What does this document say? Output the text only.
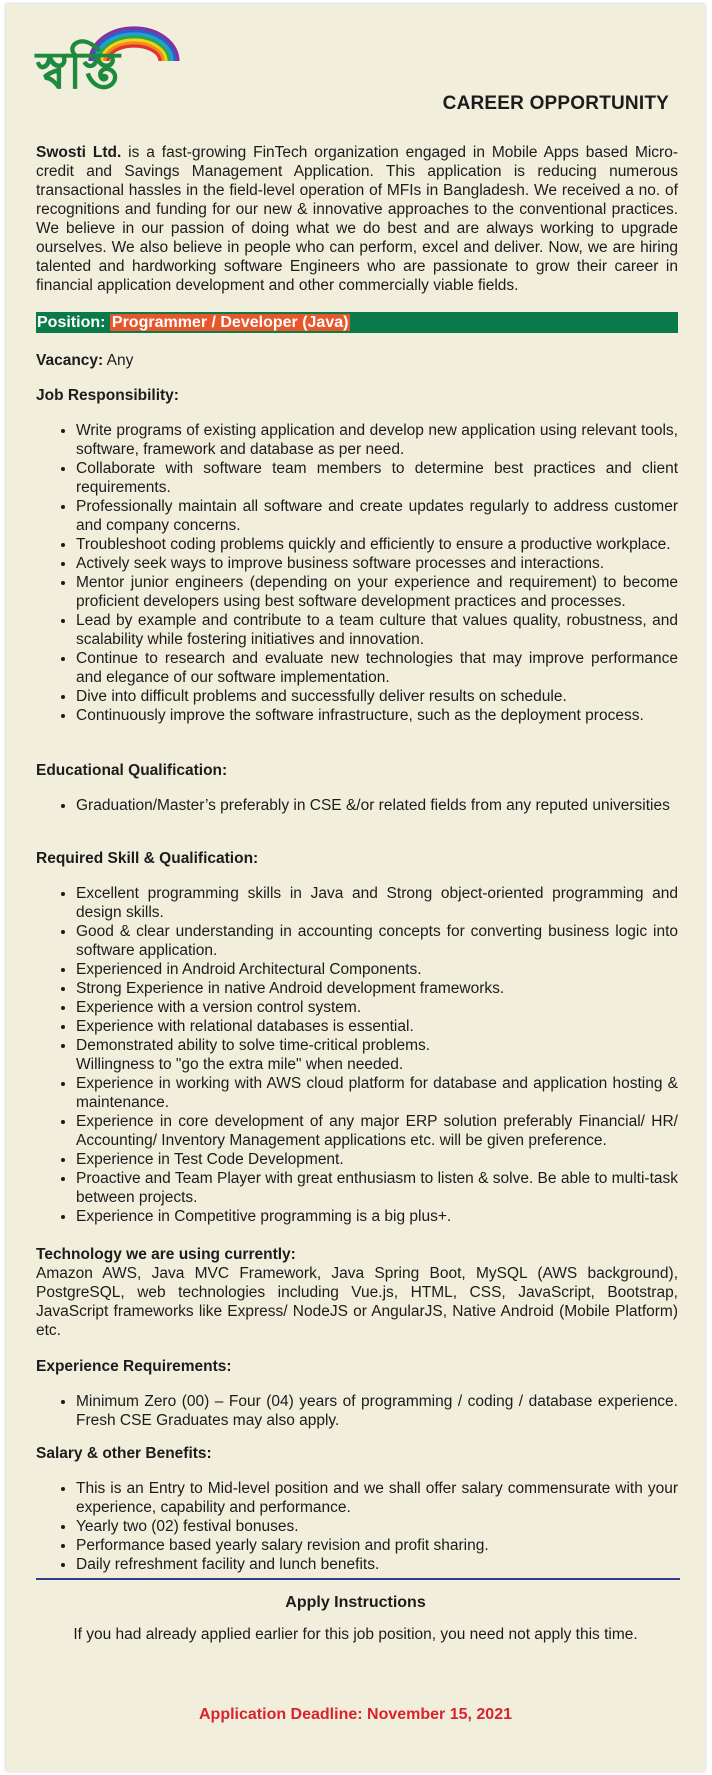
স্বস্তি
CAREER OPPORTUNITY

Swosti Ltd. is a fast-growing FinTech organization engaged in Mobile Apps based Micro-credit and Savings Management Application. This application is reducing numerous transactional hassles in the field-level operation of MFIs in Bangladesh. We received a no. of recognitions and funding for our new & innovative approaches to the conventional practices. We believe in our passion of doing what we do best and are always working to upgrade ourselves. We also believe in people who can perform, excel and deliver. Now, we are hiring talented and hardworking software Engineers who are passionate to grow their career in financial application development and other commercially viable fields.

Position: Programmer / Developer (Java)
Vacancy: Any
Job Responsibility:
• Write programs of existing application and develop new application using relevant tools, software, framework and database as per need.
• Collaborate with software team members to determine best practices and client requirements.
• Professionally maintain all software and create updates regularly to address customer and company concerns.
• Troubleshoot coding problems quickly and efficiently to ensure a productive workplace.
• Actively seek ways to improve business software processes and interactions.
• Mentor junior engineers (depending on your experience and requirement) to become proficient developers using best software development practices and processes.
• Lead by example and contribute to a team culture that values quality, robustness, and scalability while fostering initiatives and innovation.
• Continue to research and evaluate new technologies that may improve performance and elegance of our software implementation.
• Dive into difficult problems and successfully deliver results on schedule.
• Continuously improve the software infrastructure, such as the deployment process.
Educational Qualification:
• Graduation/Master’s preferably in CSE &/or related fields from any reputed universities
Required Skill & Qualification:
• Excellent programming skills in Java and Strong object-oriented programming and design skills.
• Good & clear understanding in accounting concepts for converting business logic into software application.
• Experienced in Android Architectural Components.
• Strong Experience in native Android development frameworks.
• Experience with a version control system.
• Experience with relational databases is essential.
• Demonstrated ability to solve time-critical problems.
Willingness to "go the extra mile" when needed.
• Experience in working with AWS cloud platform for database and application hosting & maintenance.
• Experience in core development of any major ERP solution preferably Financial/ HR/ Accounting/ Inventory Management applications etc. will be given preference.
• Experience in Test Code Development.
• Proactive and Team Player with great enthusiasm to listen & solve. Be able to multi-task between projects.
• Experience in Competitive programming is a big plus+.
Technology we are using currently:
Amazon AWS, Java MVC Framework, Java Spring Boot, MySQL (AWS background), PostgreSQL, web technologies including Vue.js, HTML, CSS, JavaScript, Bootstrap, JavaScript frameworks like Express/ NodeJS or AngularJS, Native Android (Mobile Platform) etc.
Experience Requirements:
• Minimum Zero (00) – Four (04) years of programming / coding / database experience. Fresh CSE Graduates may also apply.
Salary & other Benefits:
• This is an Entry to Mid-level position and we shall offer salary commensurate with your experience, capability and performance.
• Yearly two (02) festival bonuses.
• Performance based yearly salary revision and profit sharing.
• Daily refreshment facility and lunch benefits.
Apply Instructions
If you had already applied earlier for this job position, you need not apply this time.
Application Deadline: November 15, 2021
